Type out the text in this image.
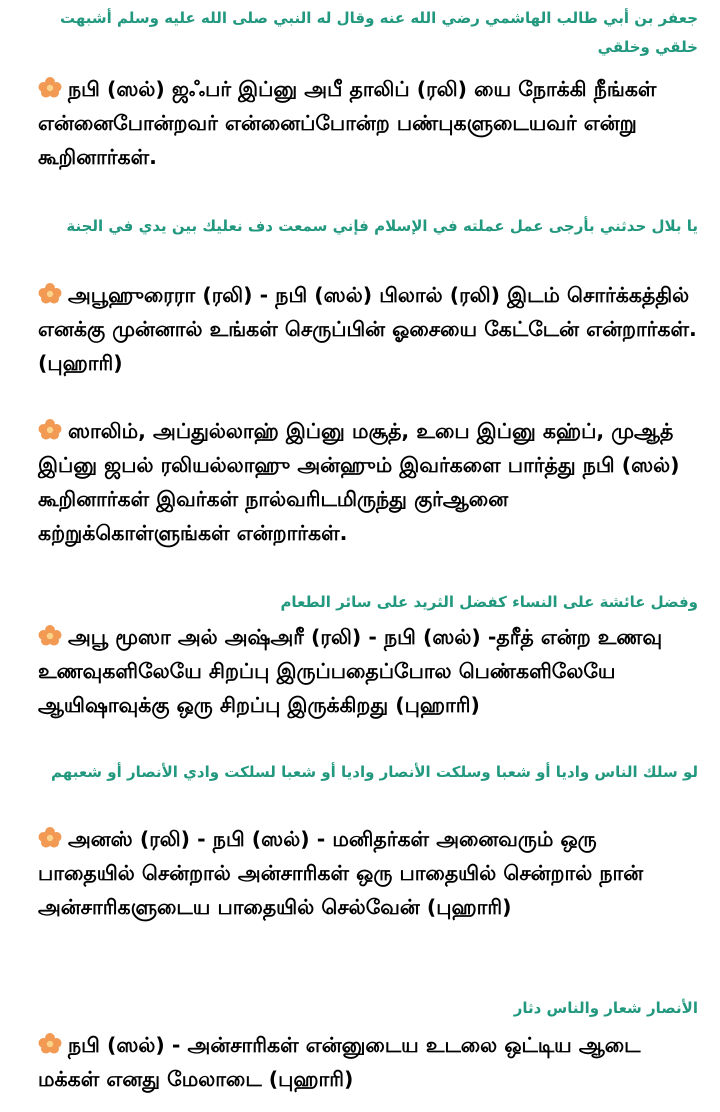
جعفر بن أبي طالب الهاشمي رضي الله عنه وقال له النبي صلى الله عليه وسلم أشبهت خلقي وخلقي
நபி (ஸல்) ஜஃபர் இப்னு அபீ தாலிப் (ரலி) யை நோக்கி நீங்கள் என்னைபோன்றவர் என்னைப்போன்ற பண்புகளுடையவர் என்று கூறினார்கள்.
يا بلال حدثني بأرجى عمل عملته في الإسلام فإني سمعت دف نعليك بين يدي في الجنة
அபூஹுரைரா (ரலி) - நபி (ஸல்) பிலால் (ரலி) இடம் சொர்க்கத்தில் எனக்கு முன்னால் உங்கள் செருப்பின் ஓசையை கேட்டேன் என்றார்கள். (புஹாரி)
ஸாலிம், அப்துல்லாஹ் இப்னு மசூத், உபை இப்னு கஹ்ப், முஆத் இப்னு ஜபல் ரலியல்லாஹு அன்ஹும் இவர்களை பார்த்து நபி (ஸல்) கூறினார்கள் இவர்கள் நால்வரிடமிருந்து குர்ஆனை கற்றுக்கொள்ளுங்கள் என்றார்கள்.
وفضل عائشة على النساء كفضل الثريد على سائر الطعام
அபூ மூஸா அல் அஷ்அரீ (ரலி) - நபி (ஸல்) -தரீத் என்ற உணவு உணவுகளிலேயே சிறப்பு இருப்பதைப்போல பெண்களிலேயே ஆயிஷாவுக்கு ஒரு சிறப்பு இருக்கிறது (புஹாரி)
لو سلك الناس واديا أو شعبا وسلكت الأنصار واديا أو شعبا لسلكت وادي الأنصار أو شعبهم
அனஸ் (ரலி) - நபி (ஸல்) - மனிதர்கள் அனைவரும் ஒரு பாதையில் சென்றால் அன்சாரிகள் ஒரு பாதையில் சென்றால் நான் அன்சாரிகளுடைய பாதையில் செல்வேன் (புஹாரி)
الأنصار شعار والناس دثار
நபி (ஸல்) - அன்சாரிகள் என்னுடைய உடலை ஒட்டிய ஆடை மக்கள் எனது மேலாடை (புஹாரி)
